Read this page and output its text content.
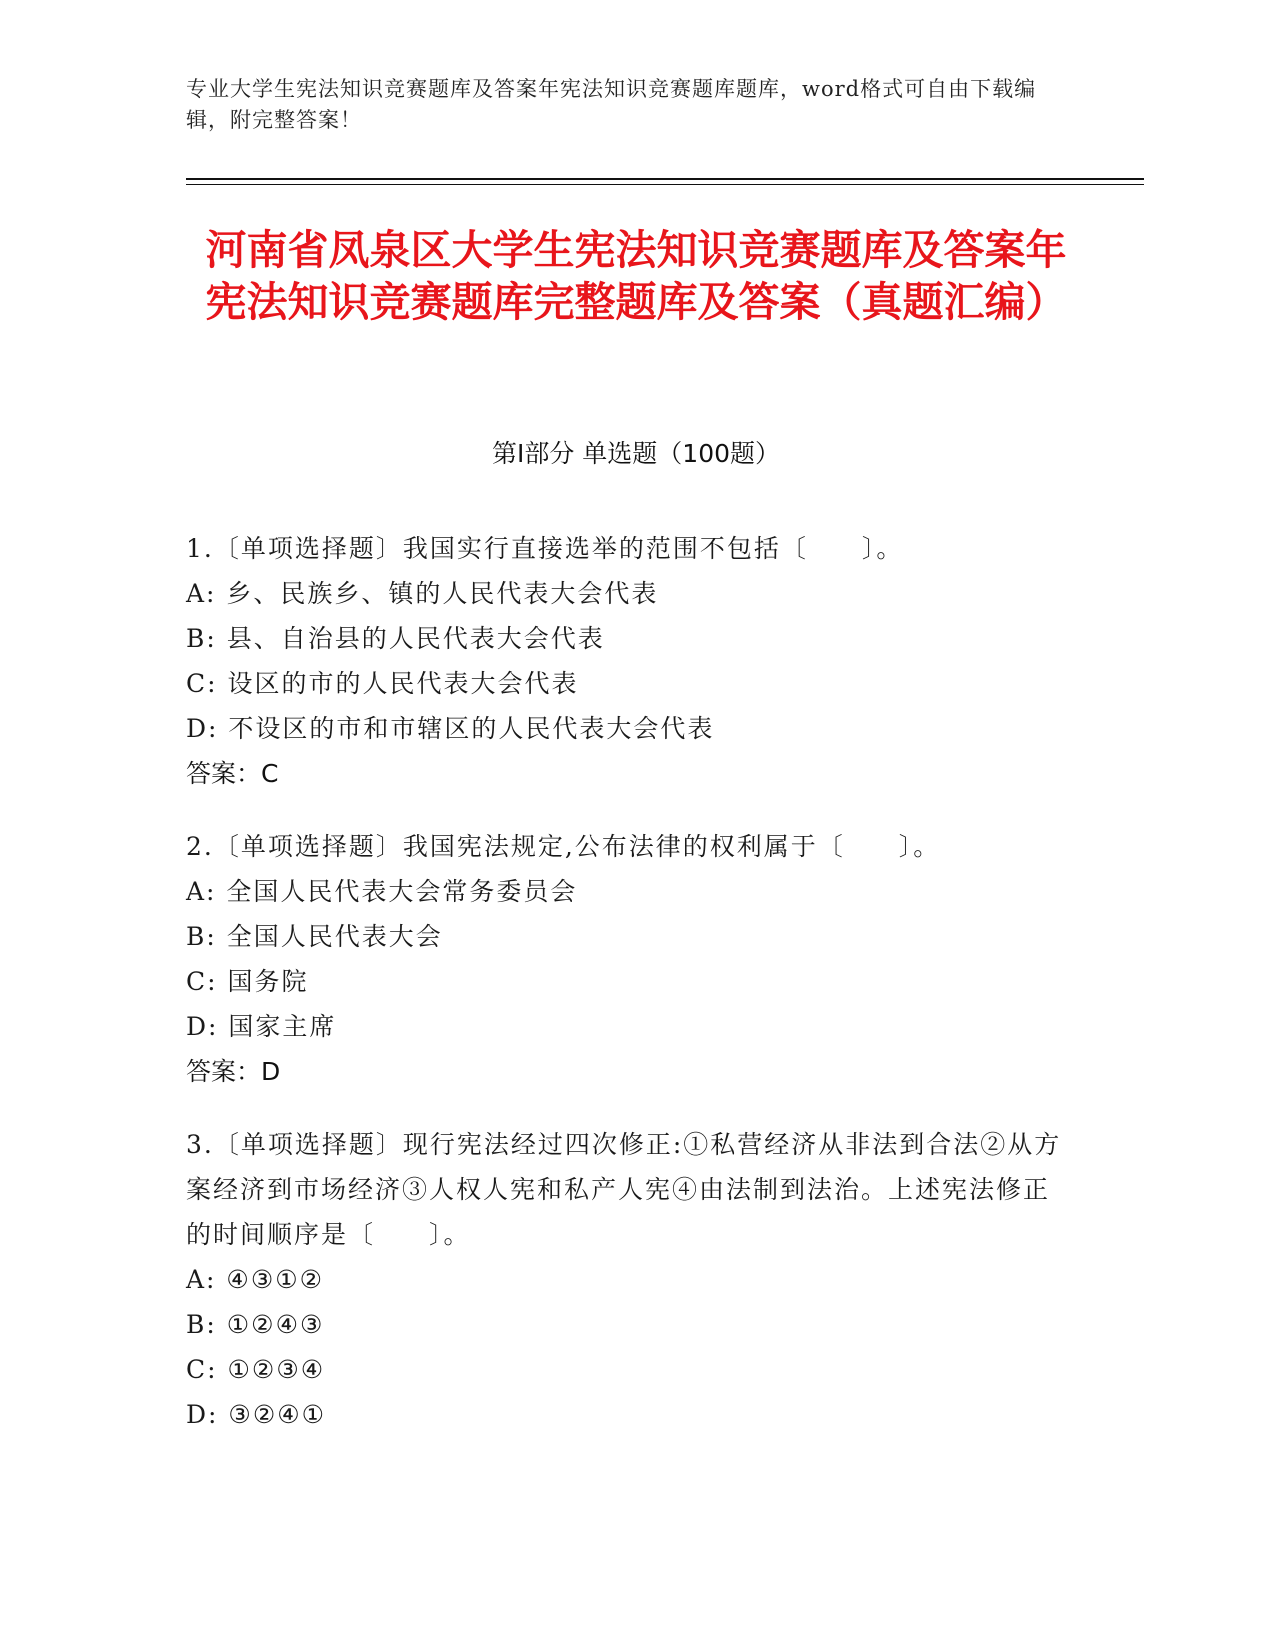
专业大学生宪法知识竞赛题库及答案年宪法知识竞赛题库题库，word格式可自由下载编辑，附完整答案！
河南省凤泉区大学生宪法知识竞赛题库及答案年宪法知识竞赛题库完整题库及答案（真题汇编）
第Ⅰ部分 单选题（100题）
1.〔单项选择题〕我国实行直接选举的范围不包括〔　　〕。
A: 乡、民族乡、镇的人民代表大会代表
B: 县、自治县的人民代表大会代表
C: 设区的市的人民代表大会代表
D: 不设区的市和市辖区的人民代表大会代表
答案：C
2.〔单项选择题〕我国宪法规定,公布法律的权利属于〔　　〕。
A: 全国人民代表大会常务委员会
B: 全国人民代表大会
C: 国务院
D: 国家主席
答案：D
3.〔单项选择题〕现行宪法经过四次修正:①私营经济从非法到合法②从方案经济到市场经济③人权人宪和私产人宪④由法制到法治。上述宪法修正的时间顺序是〔　　〕。
A: ④③①②
B: ①②④③
C: ①②③④
D: ③②④①
